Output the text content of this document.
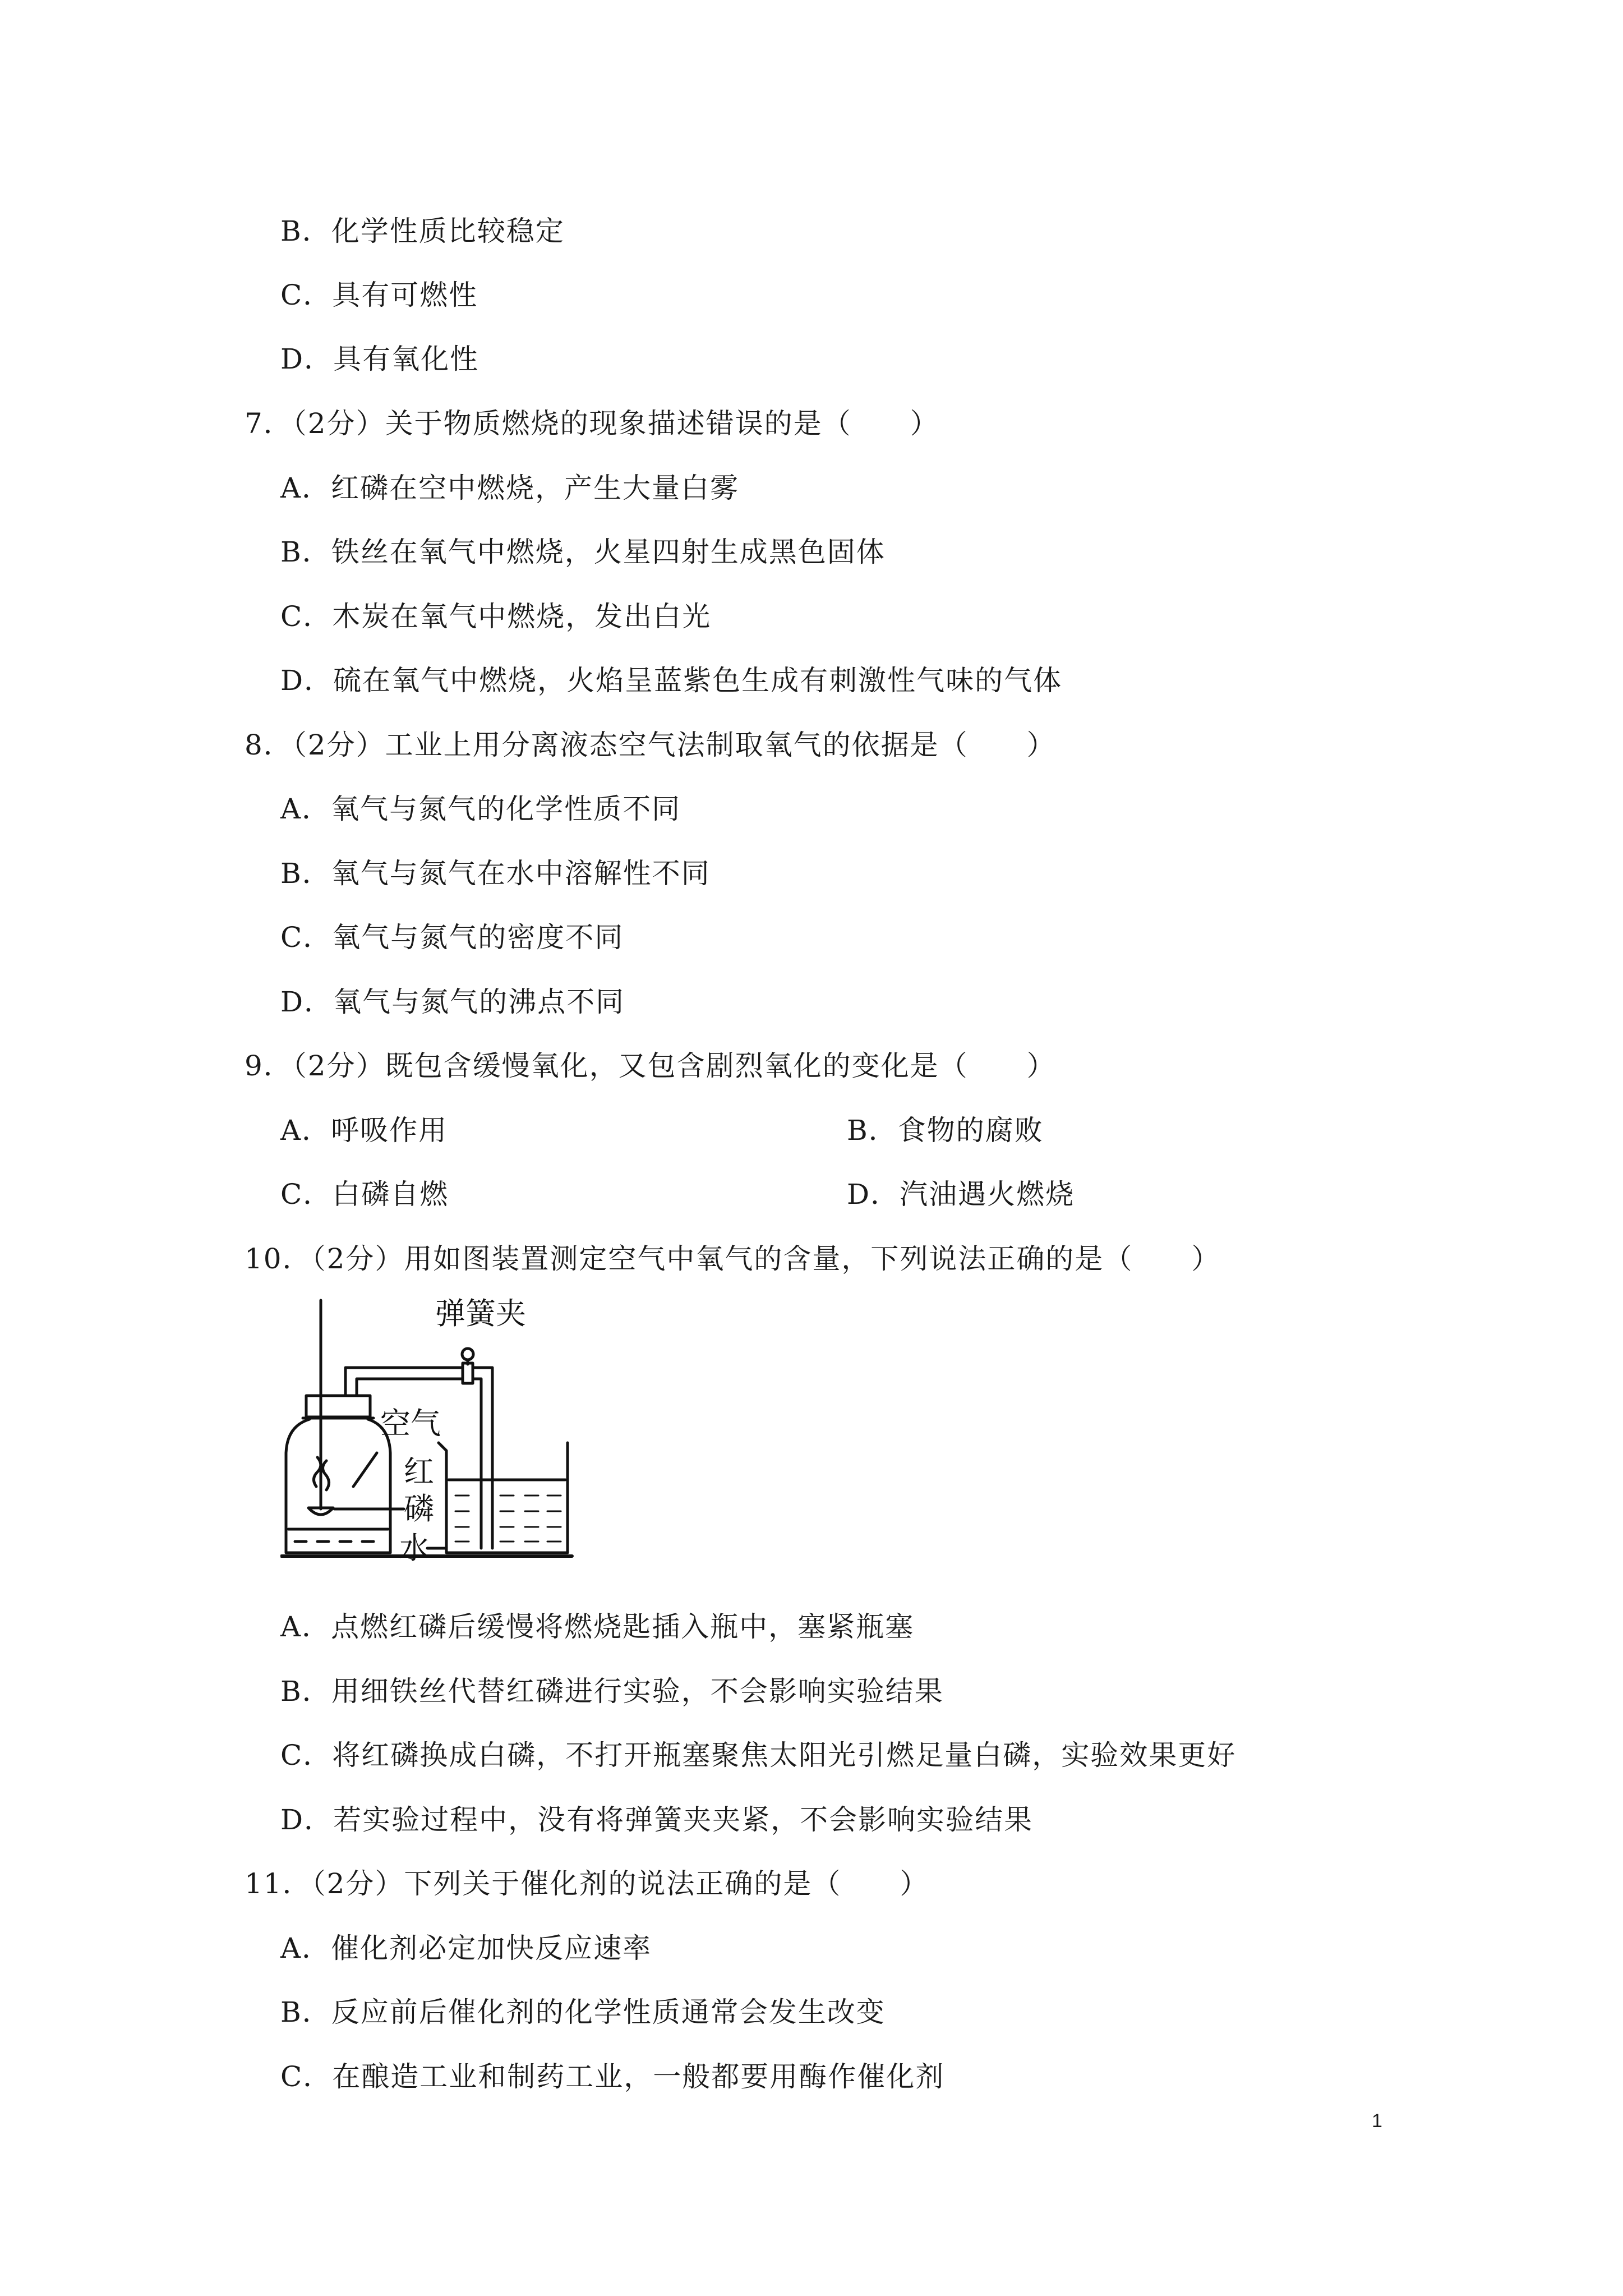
B．化学性质比较稳定
C．具有可燃性
D．具有氧化性
7．（2分）关于物质燃烧的现象描述错误的是（　　）
A．红磷在空中燃烧，产生大量白雾
B．铁丝在氧气中燃烧，火星四射生成黑色固体
C．木炭在氧气中燃烧，发出白光
D．硫在氧气中燃烧，火焰呈蓝紫色生成有刺激性气味的气体
8．（2分）工业上用分离液态空气法制取氧气的依据是（　　）
A．氧气与氮气的化学性质不同
B．氧气与氮气在水中溶解性不同
C．氧气与氮气的密度不同
D．氧气与氮气的沸点不同
9．（2分）既包含缓慢氧化，又包含剧烈氧化的变化是（　　）
A．呼吸作用	B．食物的腐败
C．白磷自燃	D．汽油遇火燃烧
10．（2分）用如图装置测定空气中氧气的含量，下列说法正确的是（　　）
弹簧夹
空气
红
磷
水
A．点燃红磷后缓慢将燃烧匙插入瓶中，塞紧瓶塞
B．用细铁丝代替红磷进行实验，不会影响实验结果
C．将红磷换成白磷，不打开瓶塞聚焦太阳光引燃足量白磷，实验效果更好
D．若实验过程中，没有将弹簧夹夹紧，不会影响实验结果
11．（2分）下列关于催化剂的说法正确的是（　　）
A．催化剂必定加快反应速率
B．反应前后催化剂的化学性质通常会发生改变
C．在酿造工业和制药工业，一般都要用酶作催化剂
1
